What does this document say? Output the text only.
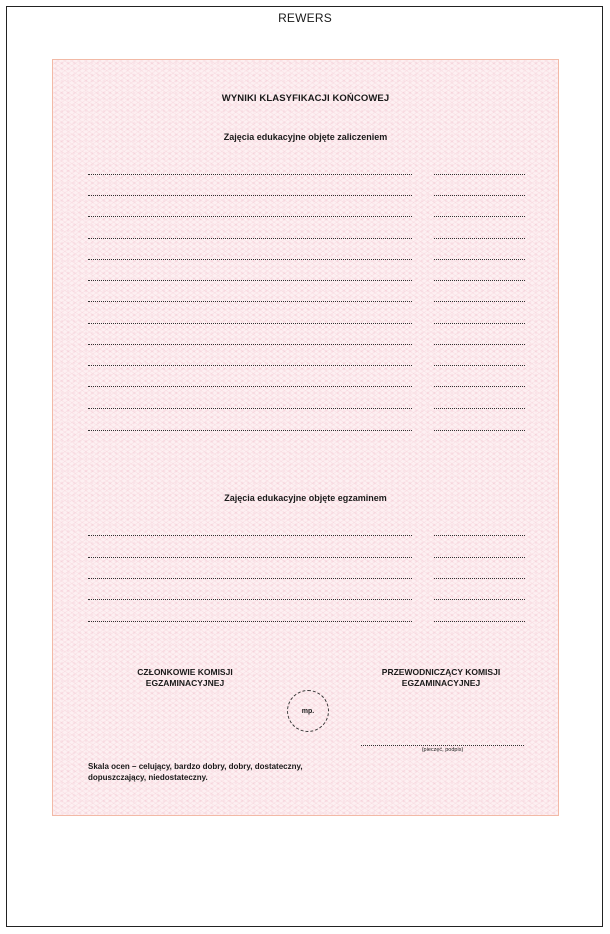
REWERS
WYNIKI KLASYFIKACJI KOŃCOWEJ
Zajęcia edukacyjne objęte zaliczeniem
Zajęcia edukacyjne objęte egzaminem
CZŁONKOWIE KOMISJI EGZAMINACYJNEJ
PRZEWODNICZĄCY KOMISJI EGZAMINACYJNEJ
mp.
(pieczęć, podpis)
Skala ocen – celujący, bardzo dobry, dobry, dostateczny, dopuszczający, niedostateczny.
